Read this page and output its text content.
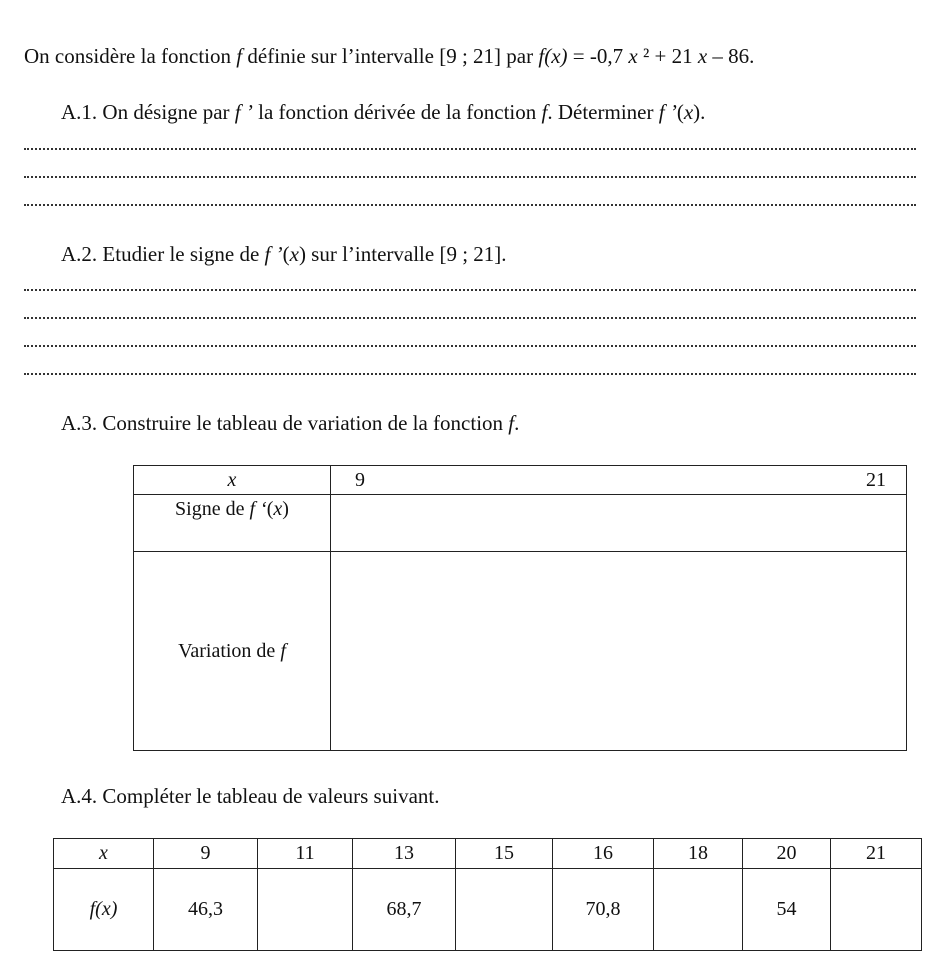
On considère la fonction f définie sur l’intervalle [9 ; 21] par f(x) = -0,7 x ² + 21 x – 86.
A.1. On désigne par f ’ la fonction dérivée de la fonction f. Déterminer f ’(x).
A.2. Etudier le signe de f ’(x) sur l’intervalle [9 ; 21].
A.3. Construire le tableau de variation de la fonction f.
x	9 21

Signe de f ‘(x)	
Variation de f	
A.4. Compléter le tableau de valeurs suivant.
x	9	11	13	15	16	18	20	21
f(x)	46,3		68,7		70,8		54	
